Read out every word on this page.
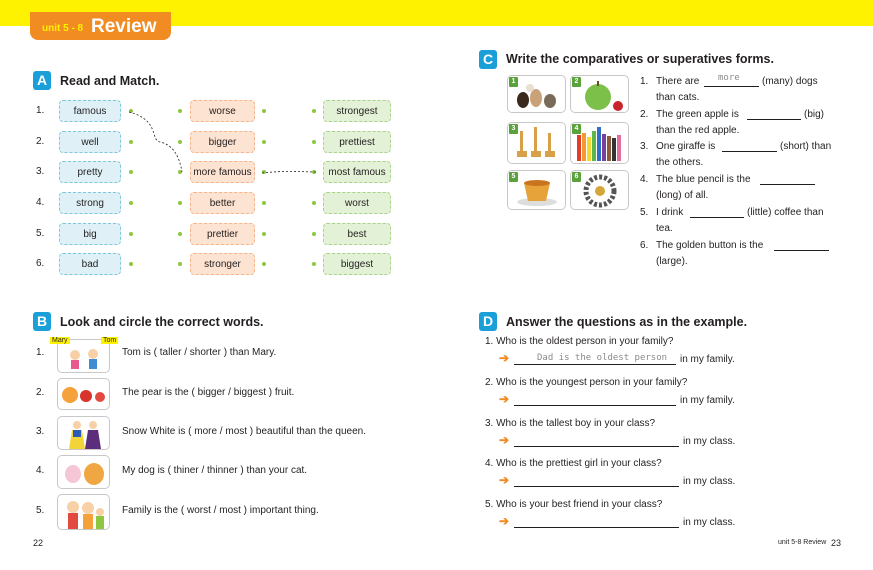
unit 5 - 8 Review
A	Read and Match.
1.	famous	worse	strongest
2.	well	bigger	prettiest
3.	pretty	more famous	most famous
4.	strong	better	worst
5.	big	prettier	best
6.	bad	stronger	biggest
B	Look and circle the correct words.
Mary	Tom
1.	Tom is ( taller / shorter ) than Mary.
2.	The pear is the ( bigger / biggest ) fruit.
3.	Snow White is ( more / most ) beautiful than the queen.
4.	My dog is ( thiner / thinner ) than your cat.
5.	Family is the ( worst / most ) important thing.
C	Write the comparatives or superatives forms.
1	2
3	4
5	6
1. There are more (many) dogs
than cats.
2. The green apple is	(big)
than the red apple.
3. One giraffe is	(short) than
the others.
4. The blue pencil is the
(long) of all.
5. I drink	(little) coffee than
tea.
6. The golden button is the
(large).
D	Answer the questions as in the example.
1. Who is the oldest person in your family?
➔	Dad is the oldest person in my family.
2. Who is the youngest person in your family?
➔	in my family.
3. Who is the tallest boy in your class?
➔	in my class.
4. Who is the prettiest girl in your class?
➔	in my class.
5. Who is your best friend in your class?
➔	in my class.
22	unit 5-8 Review 23
